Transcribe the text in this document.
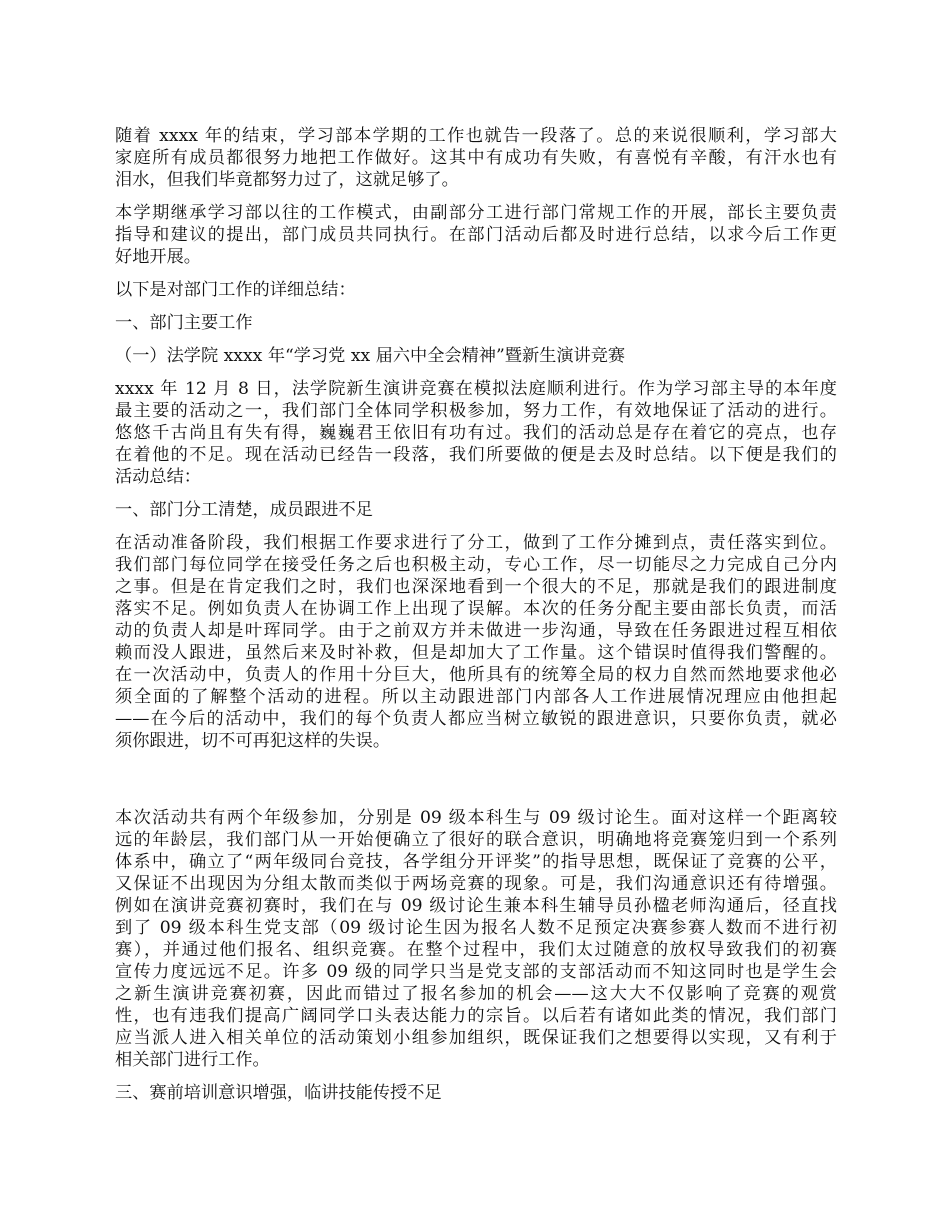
随着 xxxx 年的结束，学习部本学期的工作也就告一段落了。总的来说很顺利，学习部大
家庭所有成员都很努力地把工作做好。这其中有成功有失败，有喜悦有辛酸，有汗水也有
泪水，但我们毕竟都努力过了，这就足够了。
本学期继承学习部以往的工作模式，由副部分工进行部门常规工作的开展，部长主要负责
指导和建议的提出，部门成员共同执行。在部门活动后都及时进行总结，以求今后工作更
好地开展。
以下是对部门工作的详细总结：
一、部门主要工作
（一）法学院 xxxx 年“学习党 xx 届六中全会精神”暨新生演讲竞赛
xxxx 年 12 月 8 日，法学院新生演讲竞赛在模拟法庭顺利进行。作为学习部主导的本年度
最主要的活动之一，我们部门全体同学积极参加，努力工作，有效地保证了活动的进行。
悠悠千古尚且有失有得，巍巍君王依旧有功有过。我们的活动总是存在着它的亮点，也存
在着他的不足。现在活动已经告一段落，我们所要做的便是去及时总结。以下便是我们的
活动总结：
一、部门分工清楚，成员跟进不足
在活动准备阶段，我们根据工作要求进行了分工，做到了工作分摊到点，责任落实到位。
我们部门每位同学在接受任务之后也积极主动，专心工作，尽一切能尽之力完成自己分内
之事。但是在肯定我们之时，我们也深深地看到一个很大的不足，那就是我们的跟进制度
落实不足。例如负责人在协调工作上出现了误解。本次的任务分配主要由部长负责，而活
动的负责人却是叶珲同学。由于之前双方并未做进一步沟通，导致在任务跟进过程互相依
赖而没人跟进，虽然后来及时补救，但是却加大了工作量。这个错误时值得我们警醒的。
在一次活动中，负责人的作用十分巨大，他所具有的统筹全局的权力自然而然地要求他必
须全面的了解整个活动的进程。所以主动跟进部门内部各人工作进展情况理应由他担起
——在今后的活动中，我们的每个负责人都应当树立敏锐的跟进意识，只要你负责，就必
须你跟进，切不可再犯这样的失误。
本次活动共有两个年级参加，分别是 09 级本科生与 09 级讨论生。面对这样一个距离较
远的年龄层，我们部门从一开始便确立了很好的联合意识，明确地将竞赛笼归到一个系列
体系中，确立了“两年级同台竞技，各学组分开评奖”的指导思想，既保证了竞赛的公平，
又保证不出现因为分组太散而类似于两场竞赛的现象。可是，我们沟通意识还有待增强。
例如在演讲竞赛初赛时，我们在与 09 级讨论生兼本科生辅导员孙楹老师沟通后，径直找
到了 09 级本科生党支部（09 级讨论生因为报名人数不足预定决赛参赛人数而不进行初
赛），并通过他们报名、组织竞赛。在整个过程中，我们太过随意的放权导致我们的初赛
宣传力度远远不足。许多 09 级的同学只当是党支部的支部活动而不知这同时也是学生会
之新生演讲竞赛初赛，因此而错过了报名参加的机会——这大大不仅影响了竞赛的观赏
性，也有违我们提高广阔同学口头表达能力的宗旨。以后若有诸如此类的情况，我们部门
应当派人进入相关单位的活动策划小组参加组织，既保证我们之想要得以实现，又有利于
相关部门进行工作。
三、赛前培训意识增强，临讲技能传授不足
